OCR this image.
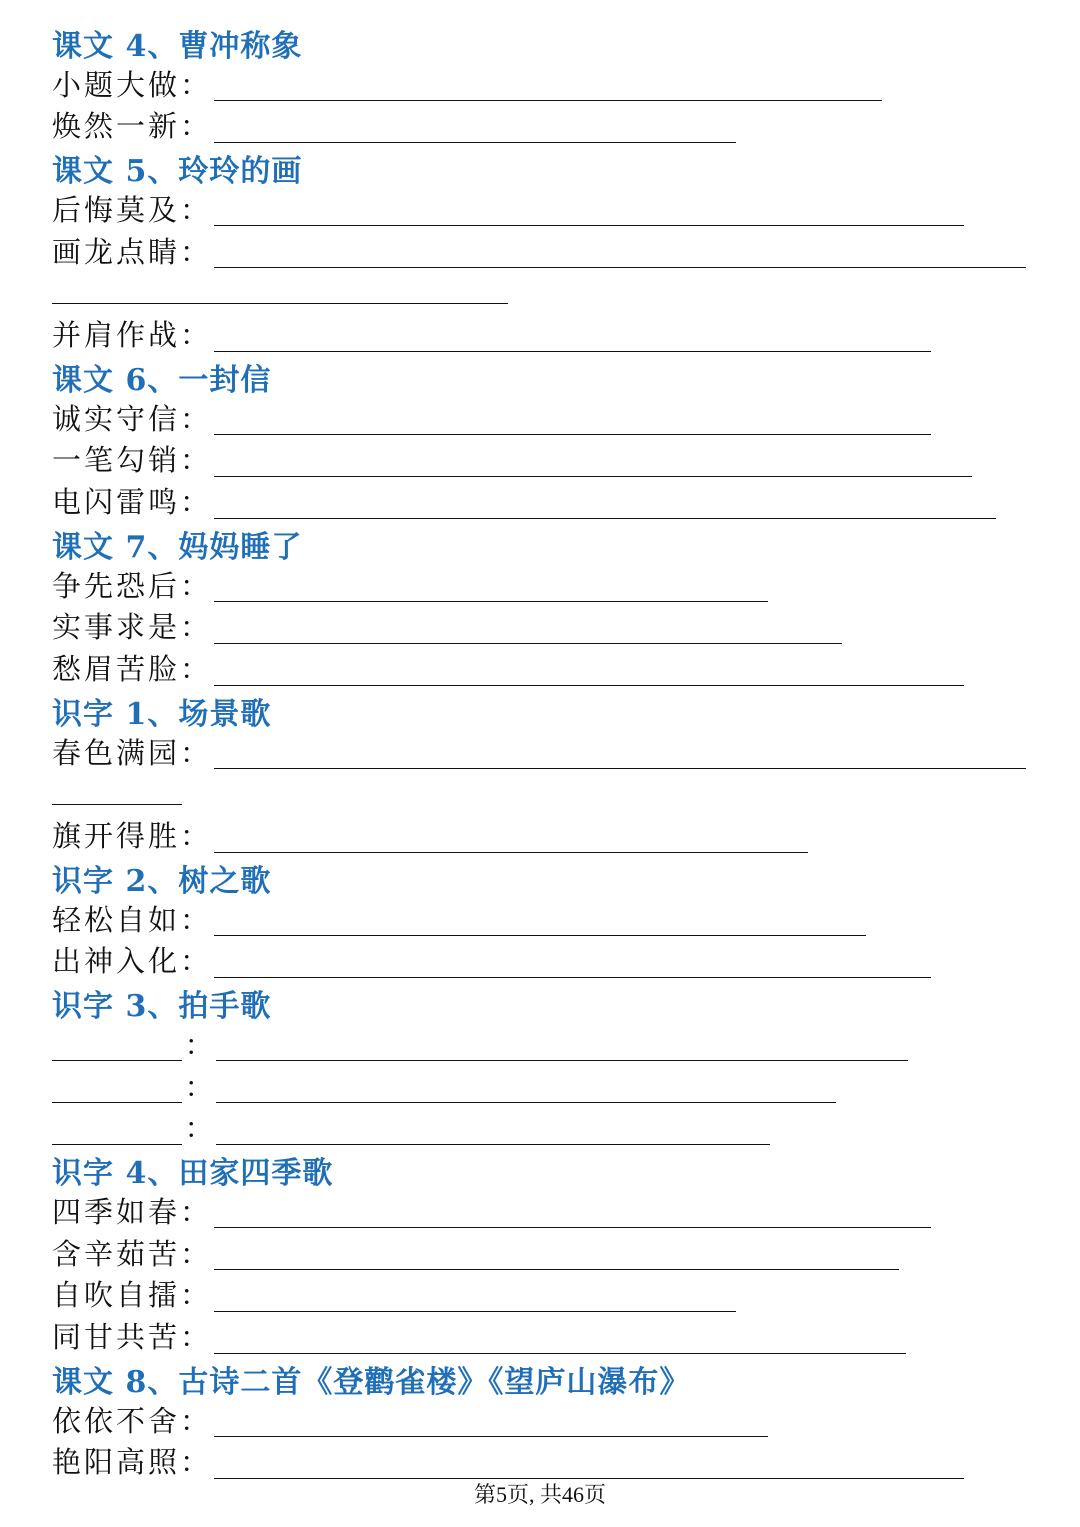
课文 4、曹冲称象
小题大做 ：
焕然一新 ：
课文 5、玲玲的画
后悔莫及 ：
画龙点睛 ：
并肩作战 ：
课文 6、一封信
诚实守信 ：
一笔勾销 ：
电闪雷鸣 ：
课文 7、妈妈睡了
争先恐后 ：
实事求是 ：
愁眉苦脸 ：
识字 1、场景歌
春色满园 ：
旗开得胜 ：
识字 2、树之歌
轻松自如 ：
出神入化 ：
识字 3、拍手歌
：
：
：
识字 4、田家四季歌
四季如春 ：
含辛茹苦 ：
自吹自擂 ：
同甘共苦 ：
课文 8、古诗二首《登鹳雀楼》《望庐山瀑布》
依依不舍 ：
艳阳高照 ：
第5页, 共46页
